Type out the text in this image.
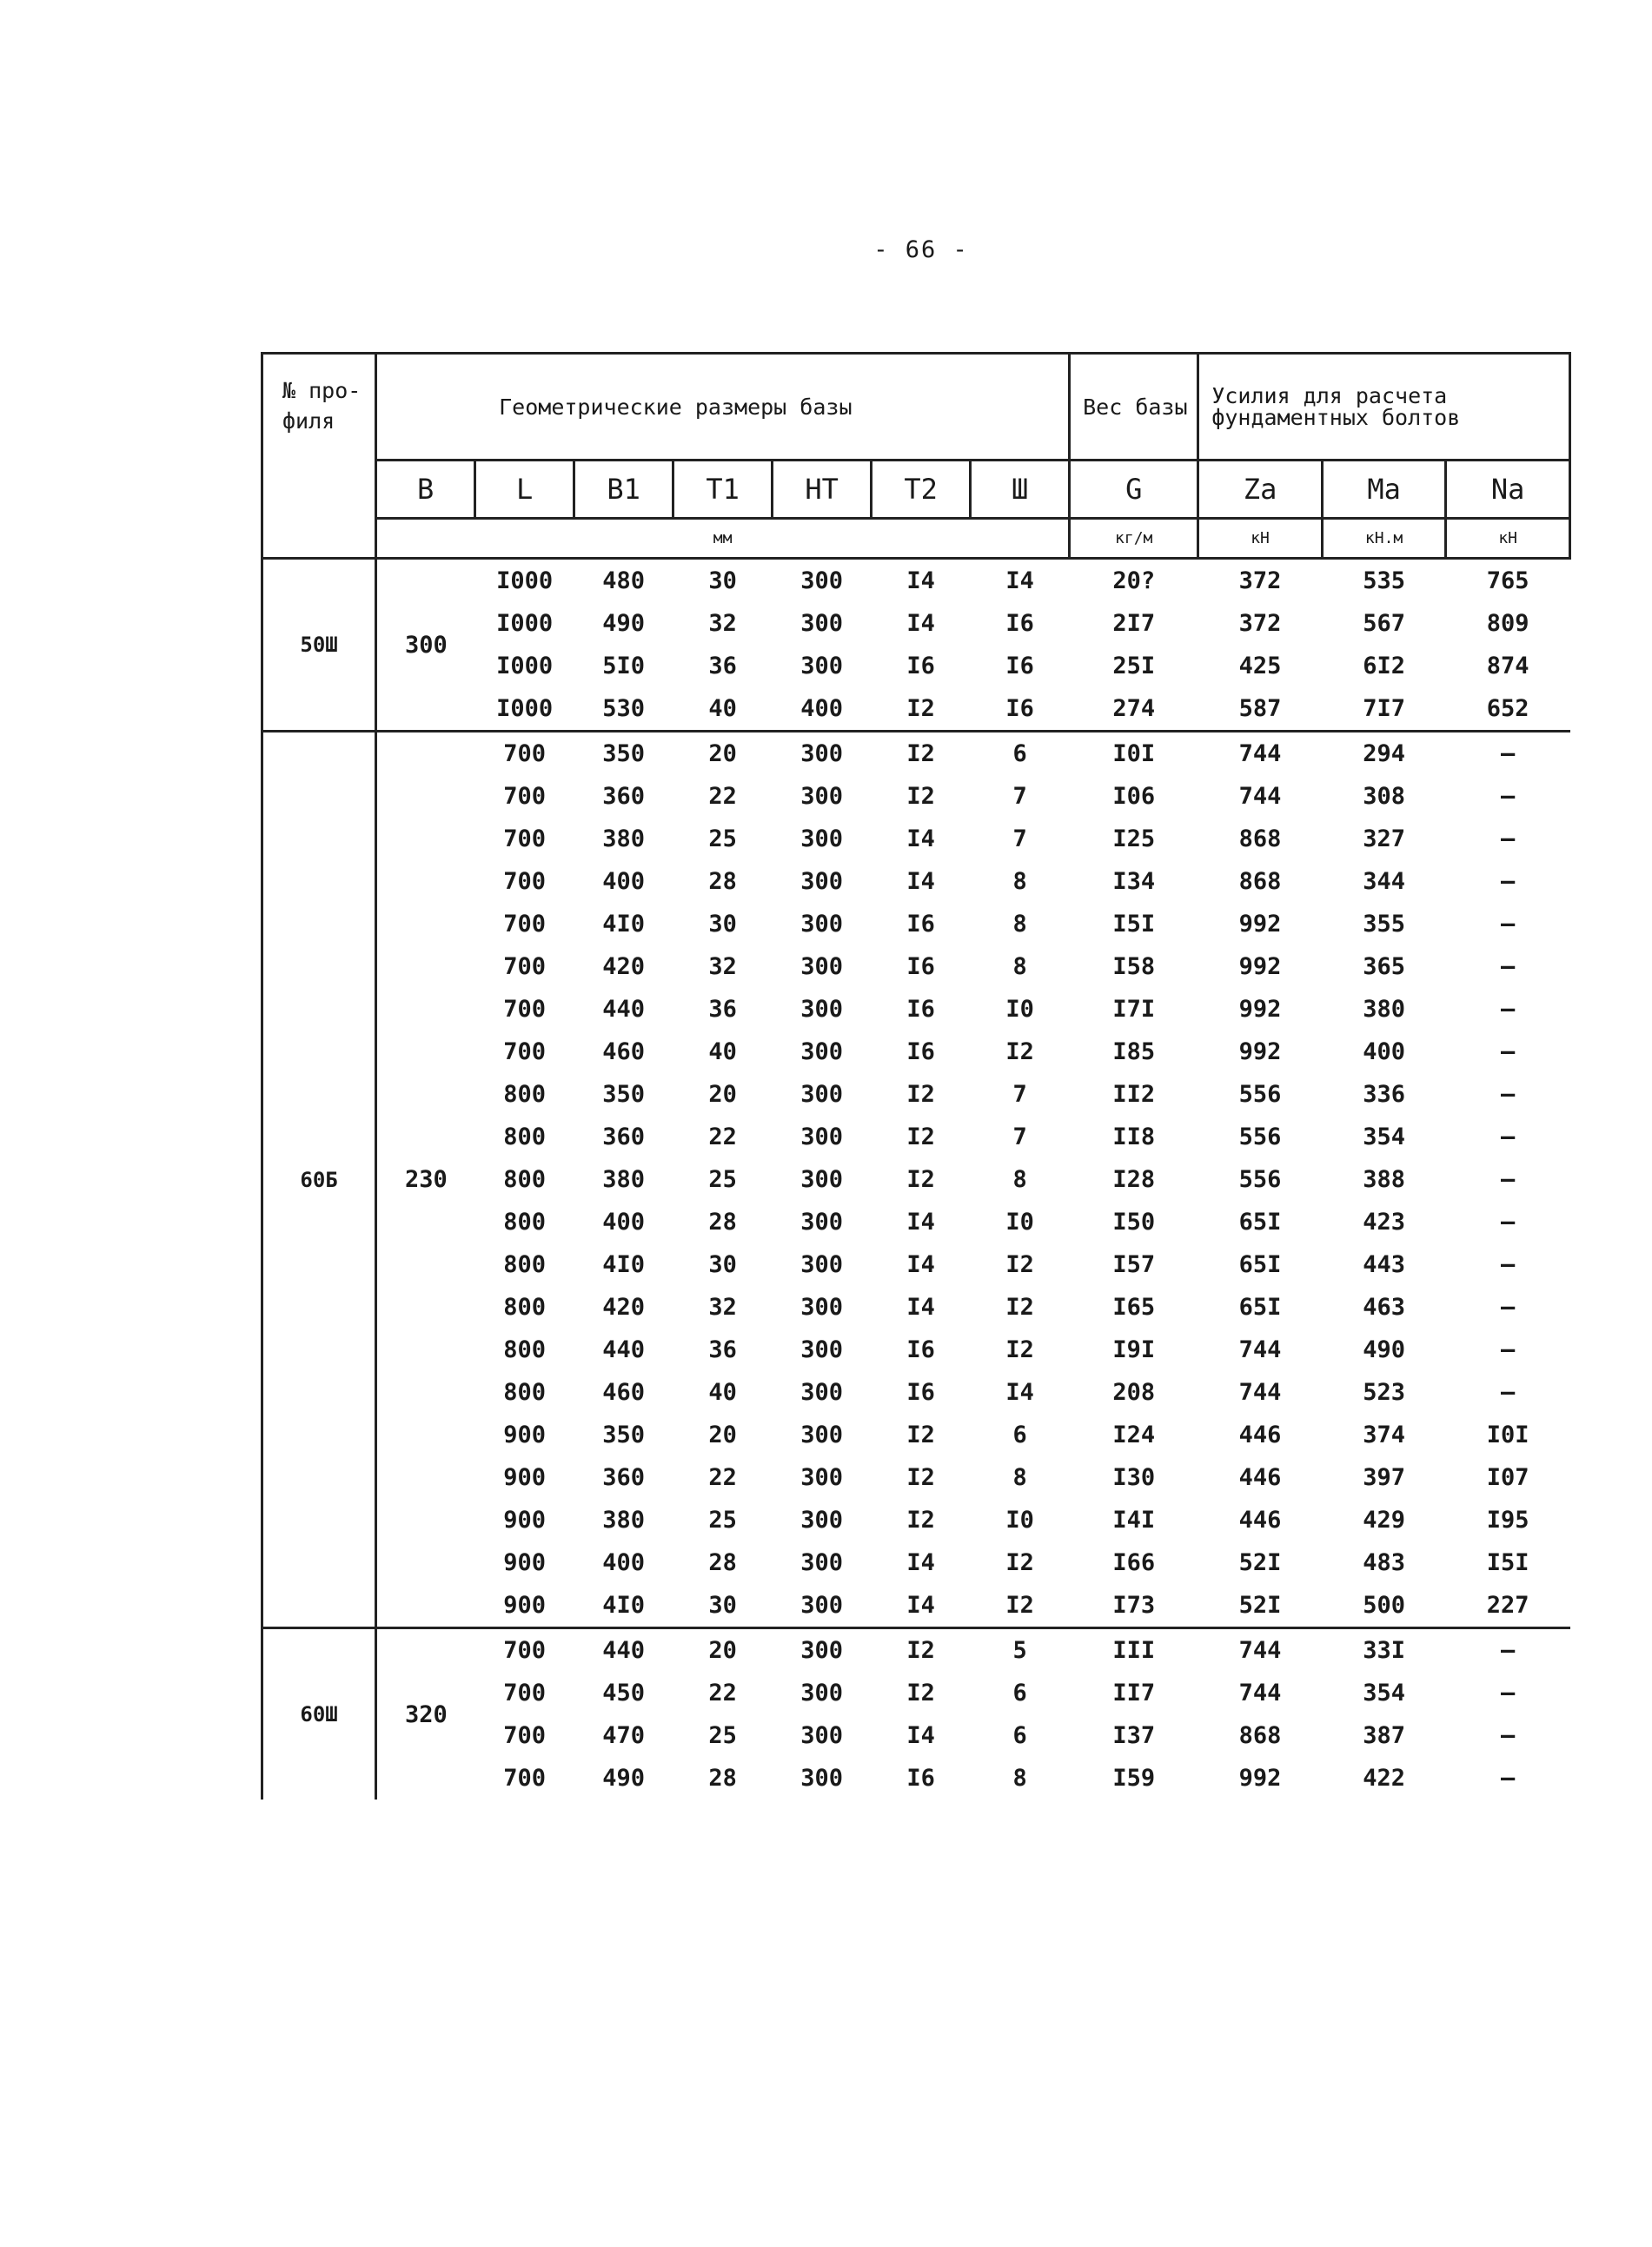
- 66 -
№ про- филя	Геометрические размеры базы							Вес базы	Усилия для расчета фундаментных болтов		
	B	L	B1	T1	HT	T2	Ш	G	Za	Ma	Na
	мм							кг/м	кН	кН.м	кН
50Ш	300	I000	480	30	300	I4	I4	20?	372	535	765
		I000	490	32	300	I4	I6	2I7	372	567	809
		I000	5I0	36	300	I6	I6	25I	425	6I2	874
		I000	530	40	400	I2	I6	274	587	7I7	652
60Б	230	700	350	20	300	I2	6	I0I	744	294	–
		700	360	22	300	I2	7	I06	744	308	–
		700	380	25	300	I4	7	I25	868	327	–
		700	400	28	300	I4	8	I34	868	344	–
		700	4I0	30	300	I6	8	I5I	992	355	–
		700	420	32	300	I6	8	I58	992	365	–
		700	440	36	300	I6	I0	I7I	992	380	–
		700	460	40	300	I6	I2	I85	992	400	–
		800	350	20	300	I2	7	II2	556	336	–
		800	360	22	300	I2	7	II8	556	354	–
		800	380	25	300	I2	8	I28	556	388	–
		800	400	28	300	I4	I0	I50	65I	423	–
		800	4I0	30	300	I4	I2	I57	65I	443	–
		800	420	32	300	I4	I2	I65	65I	463	–
		800	440	36	300	I6	I2	I9I	744	490	–
		800	460	40	300	I6	I4	208	744	523	–
		900	350	20	300	I2	6	I24	446	374	I0I
		900	360	22	300	I2	8	I30	446	397	I07
		900	380	25	300	I2	I0	I4I	446	429	I95
		900	400	28	300	I4	I2	I66	52I	483	I5I
		900	4I0	30	300	I4	I2	I73	52I	500	227
60Ш	320	700	440	20	300	I2	5	III	744	33I	–
		700	450	22	300	I2	6	II7	744	354	–
		700	470	25	300	I4	6	I37	868	387	–
		700	490	28	300	I6	8	I59	992	422	–
